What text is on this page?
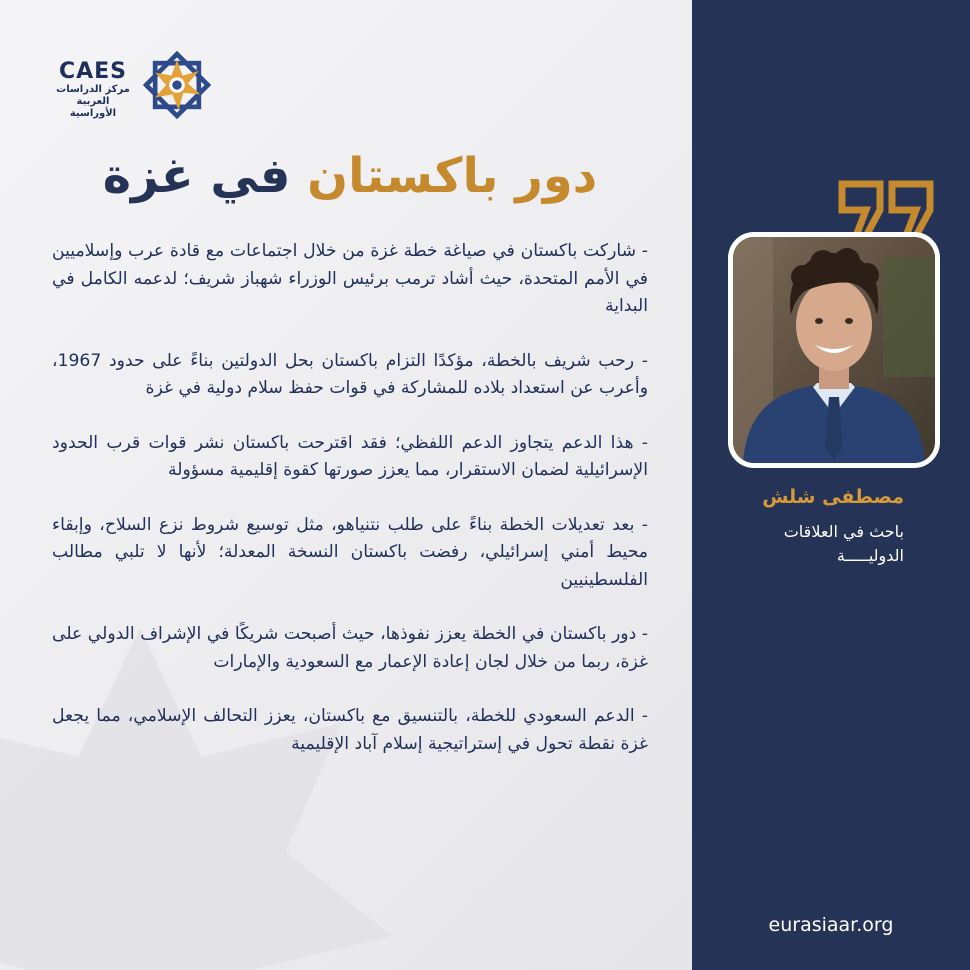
CAES
مركز الدراسات
العربية الأوراسية
دور باكستان في غزة

- شاركت باكستان في صياغة خطة غزة من خلال اجتماعات مع قادة عرب وإسلاميين في الأمم المتحدة، حيث أشاد ترمب برئيس الوزراء شهباز شريف؛ لدعمه الكامل في البداية

- رحب شريف بالخطة، مؤكدًا التزام باكستان بحل الدولتين بناءً على حدود 1967، وأعرب عن استعداد بلاده للمشاركة في قوات حفظ سلام دولية في غزة

- هذا الدعم يتجاوز الدعم اللفظي؛ فقد اقترحت باكستان نشر قوات قرب الحدود الإسرائيلية لضمان الاستقرار، مما يعزز صورتها كقوة إقليمية مسؤولة

- بعد تعديلات الخطة بناءً على طلب نتنياهو، مثل توسيع شروط نزع السلاح، وإبقاء محيط أمني إسرائيلي، رفضت باكستان النسخة المعدلة؛ لأنها لا تلبي مطالب الفلسطينيين

- دور باكستان في الخطة يعزز نفوذها، حيث أصبحت شريكًا في الإشراف الدولي على غزة، ربما من خلال لجان إعادة الإعمار مع السعودية والإمارات

- الدعم السعودي للخطة، بالتنسيق مع باكستان، يعزز التحالف الإسلامي، مما يجعل غزة نقطة تحول في إستراتيجية إسلام آباد الإقليمية

مصطفى شلش
باحث في العلاقات
الدوليـــــة
eurasiaar.org
